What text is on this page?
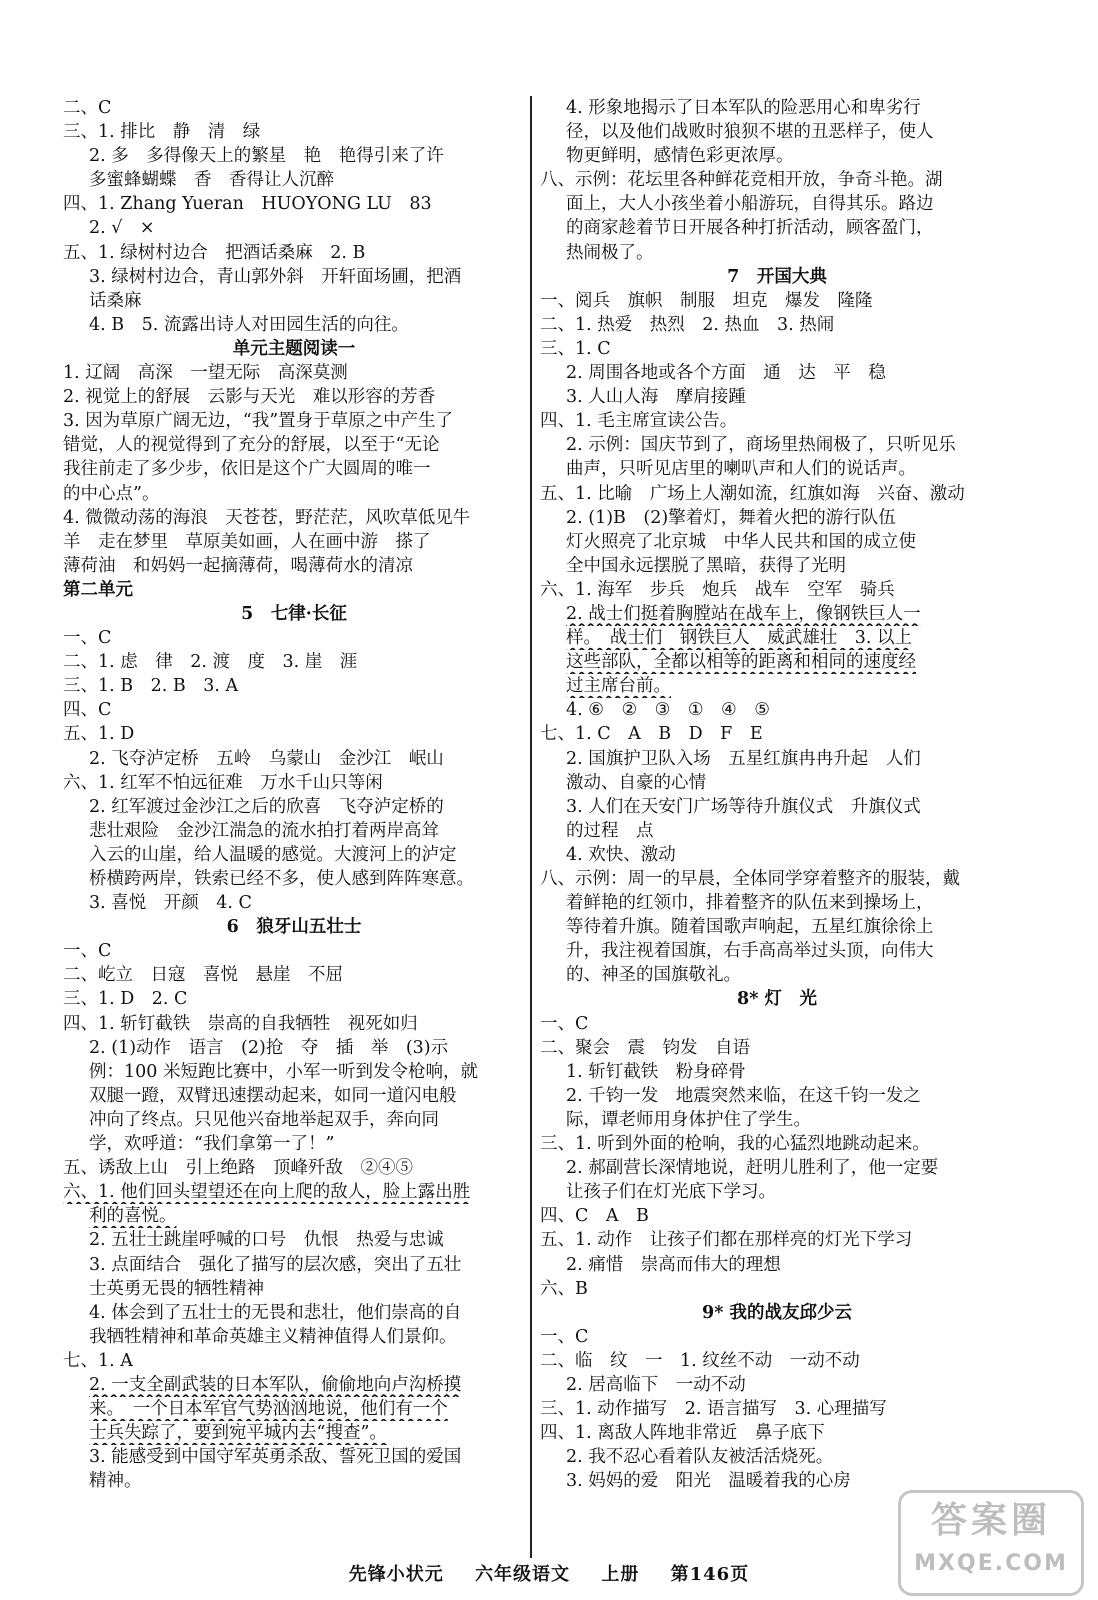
二、C
三、1. 排比　静　清　绿
2. 多　多得像天上的繁星　艳　艳得引来了许
多蜜蜂蝴蝶　香　香得让人沉醉
四、1. Zhang Yueran　HUOYONG LU　83
2. √　×
五、1. 绿树村边合　把酒话桑麻　2. B
3. 绿树村边合，青山郭外斜　开轩面场圃，把酒
话桑麻
4. B　5. 流露出诗人对田园生活的向往。
单元主题阅读一
1. 辽阔　高深　一望无际　高深莫测
2. 视觉上的舒展　云影与天光　难以形容的芳香
3. 因为草原广阔无边，“我”置身于草原之中产生了
错觉，人的视觉得到了充分的舒展，以至于“无论
我往前走了多少步，依旧是这个广大圆周的唯一
的中心点”。
4. 微微动荡的海浪　天苍苍，野茫茫，风吹草低见牛
羊　走在梦里　草原美如画，人在画中游　搽了
薄荷油　和妈妈一起摘薄荷，喝薄荷水的清凉
第二单元
5　七律·长征
一、C
二、1. 虑　律　2. 渡　度　3. 崖　涯
三、1. B　2. B　3. A
四、C
五、1. D
2. 飞夺泸定桥　五岭　乌蒙山　金沙江　岷山
六、1. 红军不怕远征难　万水千山只等闲
2. 红军渡过金沙江之后的欣喜　飞夺泸定桥的
悲壮艰险　金沙江湍急的流水拍打着两岸高耸
入云的山崖，给人温暖的感觉。大渡河上的泸定
桥横跨两岸，铁索已经不多，使人感到阵阵寒意。
3. 喜悦　开颜　4. C
6　狼牙山五壮士
一、C
二、屹立　日寇　喜悦　悬崖　不屈
三、1. D　2. C
四、1. 斩钉截铁　崇高的自我牺牲　视死如归
2. (1)动作　语言　(2)抢　夺　插　举　(3)示
例：100 米短跑比赛中，小军一听到发令枪响，就
双腿一蹬，双臂迅速摆动起来，如同一道闪电般
冲向了终点。只见他兴奋地举起双手，奔向同
学，欢呼道：“我们拿第一了！”
五、诱敌上山　引上绝路　顶峰歼敌　②④⑤
六、1. 他们回头望望还在向上爬的敌人，脸上露出胜
利的喜悦。
2. 五壮士跳崖呼喊的口号　仇恨　热爱与忠诚
3. 点面结合　强化了描写的层次感，突出了五壮
士英勇无畏的牺牲精神
4. 体会到了五壮士的无畏和悲壮，他们崇高的自
我牺牲精神和革命英雄主义精神值得人们景仰。
七、1. A
2. 一支全副武装的日本军队，偷偷地向卢沟桥摸
来。　一个日本军官气势汹汹地说，他们有一个
士兵失踪了，要到宛平城内去“搜查”。
3. 能感受到中国守军英勇杀敌、誓死卫国的爱国
精神。
4. 形象地揭示了日本军队的险恶用心和卑劣行
径，以及他们战败时狼狈不堪的丑恶样子，使人
物更鲜明，感情色彩更浓厚。
八、示例：花坛里各种鲜花竞相开放，争奇斗艳。湖
面上，大人小孩坐着小船游玩，自得其乐。路边
的商家趁着节日开展各种打折活动，顾客盈门，
热闹极了。
7　开国大典
一、阅兵　旗帜　制服　坦克　爆发　隆隆
二、1. 热爱　热烈　2. 热血　3. 热闹
三、1. C
2. 周围各地或各个方面　通　达　平　稳
3. 人山人海　摩肩接踵
四、1. 毛主席宣读公告。
2. 示例：国庆节到了，商场里热闹极了，只听见乐
曲声，只听见店里的喇叭声和人们的说话声。
五、1. 比喻　广场上人潮如流，红旗如海　兴奋、激动
2. (1)B　(2)擎着灯，舞着火把的游行队伍
灯火照亮了北京城　中华人民共和国的成立使
全中国永远摆脱了黑暗，获得了光明
六、1. 海军　步兵　炮兵　战车　空军　骑兵
2. 战士们挺着胸膛站在战车上，像钢铁巨人一
样。　战士们　钢铁巨人　威武雄壮　3. 以上
这些部队，全都以相等的距离和相同的速度经
过主席台前。
4. ⑥　②　③　①　④　⑤
七、1. C　A　B　D　F　E
2. 国旗护卫队入场　五星红旗冉冉升起　人们
激动、自豪的心情
3. 人们在天安门广场等待升旗仪式　升旗仪式
的过程　点
4. 欢快、激动
八、示例：周一的早晨，全体同学穿着整齐的服装，戴
着鲜艳的红领巾，排着整齐的队伍来到操场上，
等待着升旗。随着国歌声响起，五星红旗徐徐上
升，我注视着国旗，右手高高举过头顶，向伟大
的、神圣的国旗敬礼。
8* 灯　光
一、C
二、聚会　震　钧发　自语
1. 斩钉截铁　粉身碎骨
2. 千钧一发　地震突然来临，在这千钧一发之
际，谭老师用身体护住了学生。
三、1. 听到外面的枪响，我的心猛烈地跳动起来。
2. 郝副营长深情地说，赶明儿胜利了，他一定要
让孩子们在灯光底下学习。
四、C　A　B
五、1. 动作　让孩子们都在那样亮的灯光下学习
2. 痛惜　崇高而伟大的理想
六、B
9* 我的战友邱少云
一、C
二、临　纹　一　1. 纹丝不动　一动不动
2. 居高临下　一动不动
三、1. 动作描写　2. 语言描写　3. 心理描写
四、1. 离敌人阵地非常近　鼻子底下
2. 我不忍心看着队友被活活烧死。
3. 妈妈的爱　阳光　温暖着我的心房
先锋小状元 六年级语文 上册 第146页
答案圈
MXQE.COM
